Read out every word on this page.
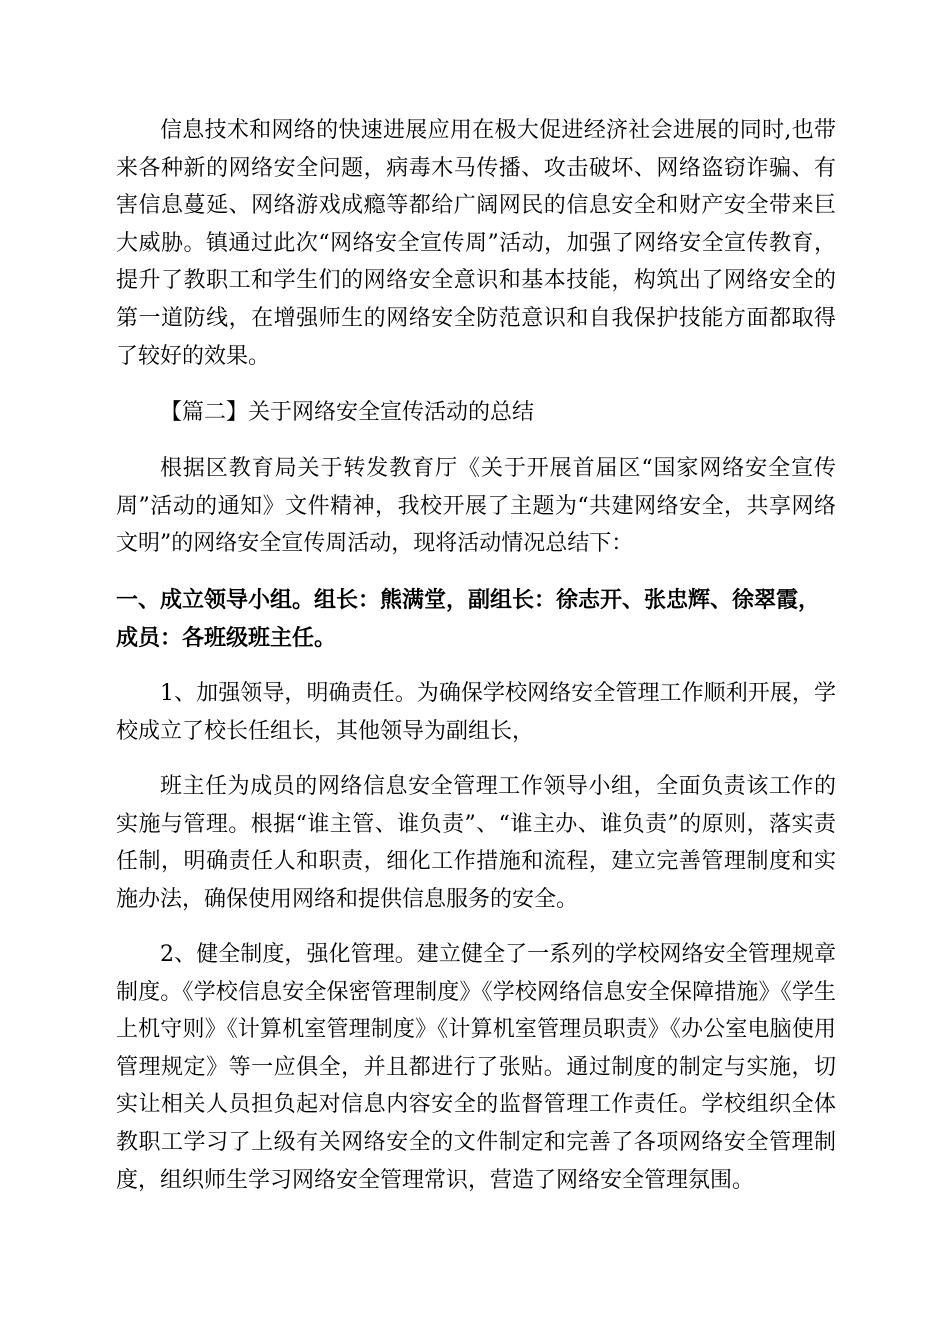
信息技术和网络的快速进展应用在极大促进经济社会进展的同时,也带来各种新的网络安全问题，病毒木马传播、攻击破坏、网络盗窃诈骗、有害信息蔓延、网络游戏成瘾等都给广阔网民的信息安全和财产安全带来巨大威胁。镇通过此次“网络安全宣传周”活动，加强了网络安全宣传教育，提升了教职工和学生们的网络安全意识和基本技能，构筑出了网络安全的第一道防线，在增强师生的网络安全防范意识和自我保护技能方面都取得了较好的效果。

【篇二】关于网络安全宣传活动的总结

根据区教育局关于转发教育厅《关于开展首届区“国家网络安全宣传周”活动的通知》文件精神，我校开展了主题为“共建网络安全，共享网络文明”的网络安全宣传周活动，现将活动情况总结下：

一、成立领导小组。组长：熊满堂，副组长：徐志开、张忠辉、徐翠霞，成员：各班级班主任。

1、加强领导，明确责任。为确保学校网络安全管理工作顺利开展，学校成立了校长任组长，其他领导为副组长，

班主任为成员的网络信息安全管理工作领导小组，全面负责该工作的实施与管理。根据“谁主管、谁负责”、“谁主办、谁负责”的原则，落实责任制，明确责任人和职责，细化工作措施和流程，建立完善管理制度和实施办法，确保使用网络和提供信息服务的安全。

2、健全制度，强化管理。建立健全了一系列的学校网络安全管理规章制度。《学校信息安全保密管理制度》《学校网络信息安全保障措施》《学生上机守则》《计算机室管理制度》《计算机室管理员职责》《办公室电脑使用管理规定》等一应俱全，并且都进行了张贴。通过制度的制定与实施，切实让相关人员担负起对信息内容安全的监督管理工作责任。学校组织全体教职工学习了上级有关网络安全的文件制定和完善了各项网络安全管理制度，组织师生学习网络安全管理常识，营造了网络安全管理氛围。
